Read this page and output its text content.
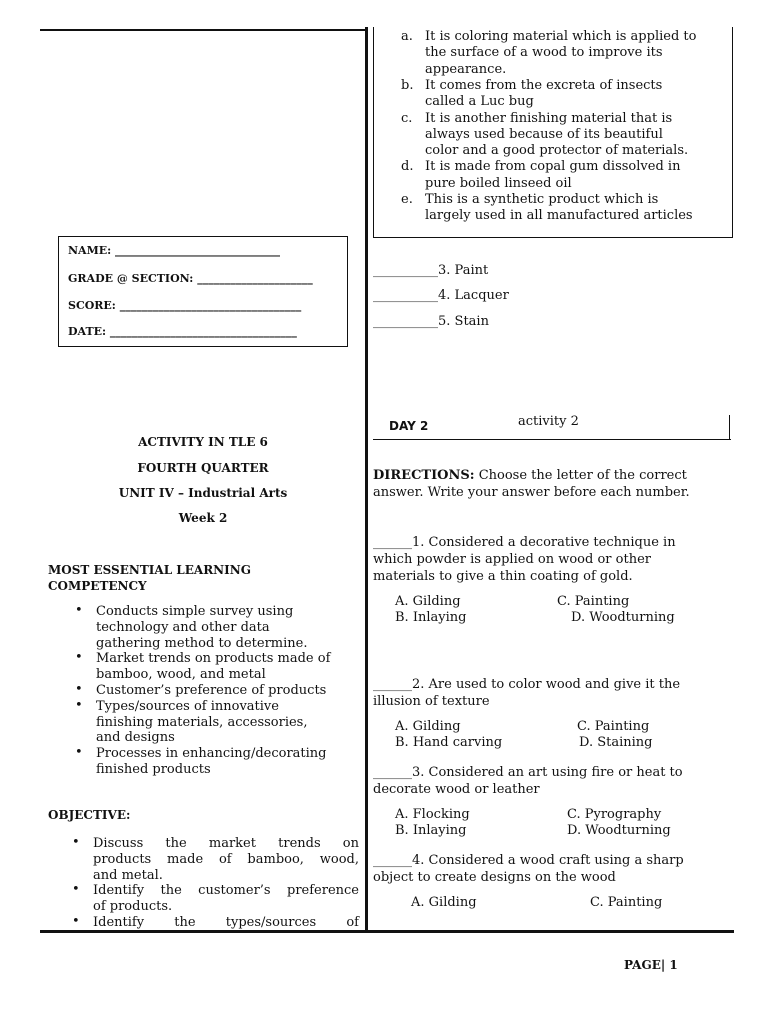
a. It is coloring material which is applied to
the surface of a wood to improve its
appearance.
b. It comes from the excreta of insects
called a Luc bug
c. It is another finishing material that is
always used because of its beautiful
color and a good protector of materials.
d. It is made from copal gum dissolved in
pure boiled linseed oil
e. This is a synthetic product which is
largely used in all manufactured articles
NAME: ______________________________
GRADE @ SECTION: _____________________
SCORE: _________________________________
DATE: __________________________________
ACTIVITY IN TLE 6
FOURTH QUARTER
UNIT IV – Industrial Arts
Week 2
MOST ESSENTIAL LEARNING
COMPETENCY
• Conducts simple survey using
technology and other data
gathering method to determine.
• Market trends on products made of
bamboo, wood, and metal
• Customer’s preference of products
• Types/sources of innovative
finishing materials, accessories,
and designs
• Processes in enhancing/decorating
finished products
OBJECTIVE:
• Discuss the market trends on
products made of bamboo, wood,
and metal.
• Identify the customer’s preference
of products.
• Identify the types/sources of
__________3. Paint
__________4. Lacquer
__________5. Stain
DAY 2	activity 2
DIRECTIONS: Choose the letter of the correct
answer. Write your answer before each number.
______1. Considered a decorative technique in
which powder is applied on wood or other
materials to give a thin coating of gold.
A. Gilding	C. Painting
B. Inlaying	D. Woodturning
______2. Are used to color wood and give it the
illusion of texture
A. Gilding	C. Painting
B. Hand carving	D. Staining
______3. Considered an art using fire or heat to
decorate wood or leather
A. Flocking	C. Pyrography
B. Inlaying	D. Woodturning
______4. Considered a wood craft using a sharp
object to create designs on the wood
A. Gilding	C. Painting
PAGE| 1
